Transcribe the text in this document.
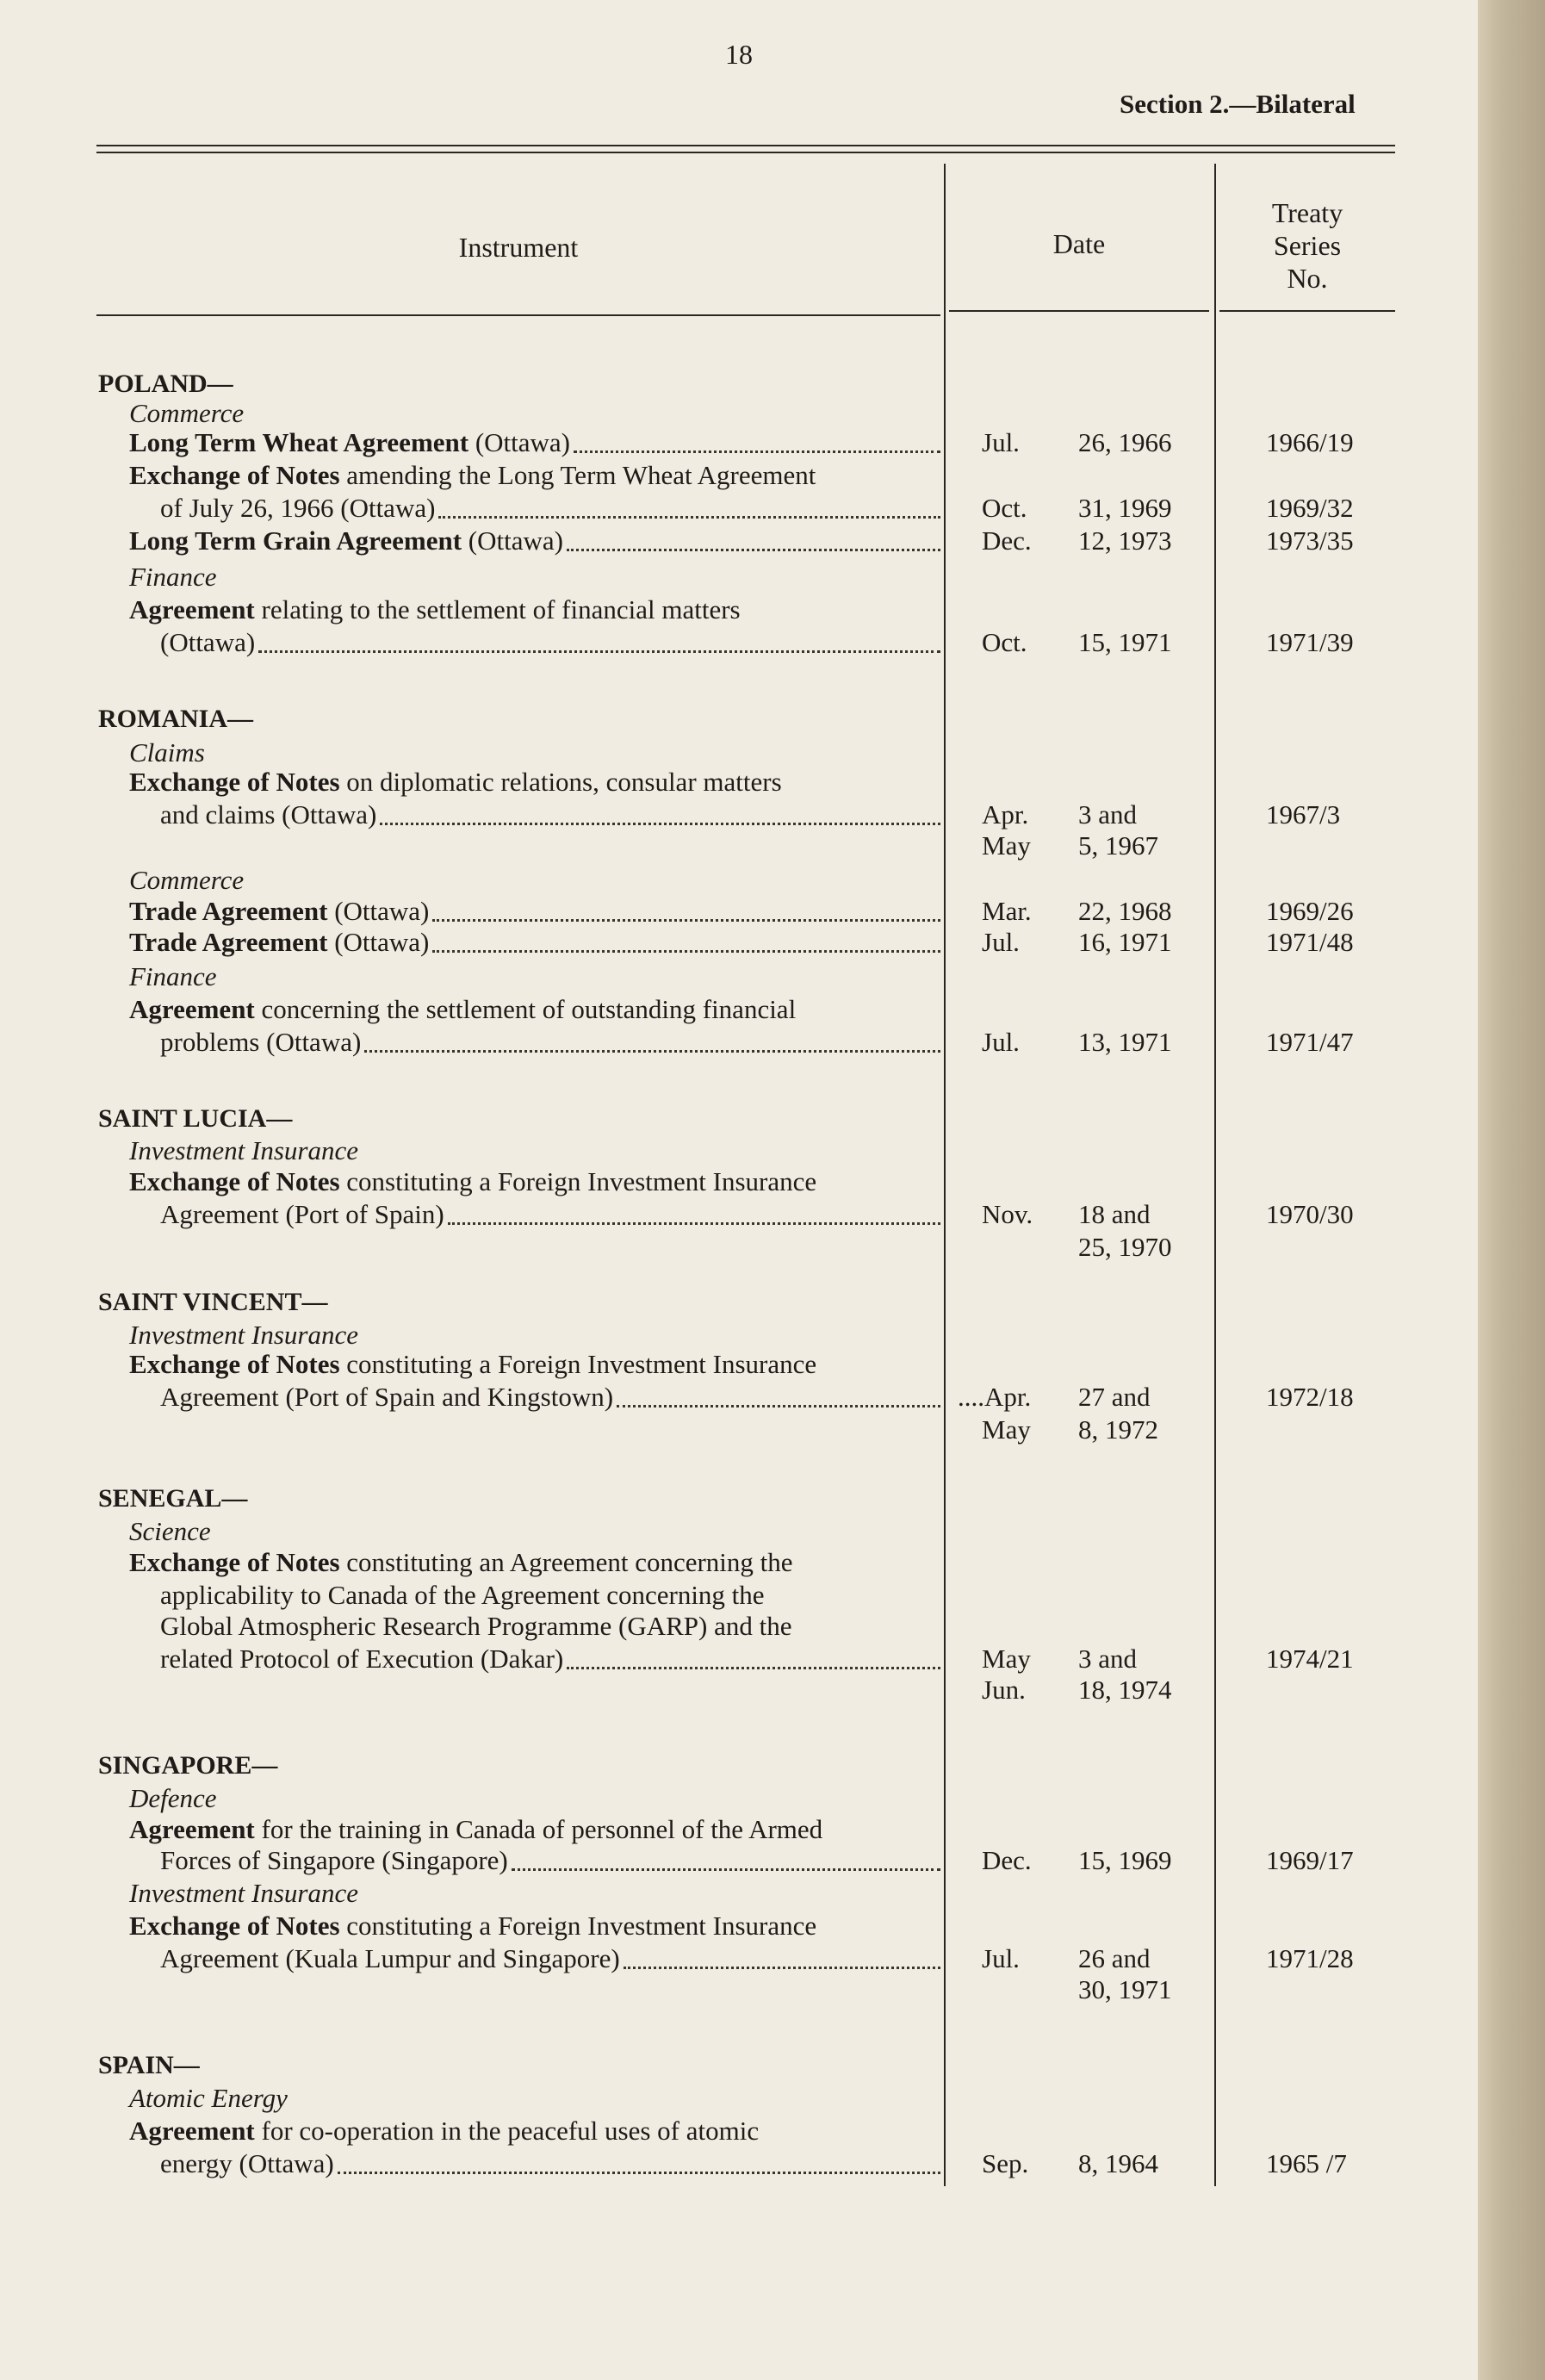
18
Section 2.—Bilateral
Instrument	Date
Treaty
Series
No.
POLAND—
Commerce
Long Term Wheat Agreement (Ottawa)	Jul. 26, 1966	1966/19
Exchange of Notes amending the Long Term Wheat Agreement
of July 26, 1966 (Ottawa)	Oct. 31, 1969	1969/32
Long Term Grain Agreement (Ottawa)	Dec. 12, 1973	1973/35
Finance
Agreement relating to the settlement of financial matters
(Ottawa)	Oct. 15, 1971	1971/39
ROMANIA—
Claims
Exchange of Notes on diplomatic relations, consular matters
and claims (Ottawa)	Apr. 3 and	1967/3
May 5, 1967
Commerce
Trade Agreement (Ottawa)	Mar. 22, 1968	1969/26
Trade Agreement (Ottawa)	Jul. 16, 1971	1971/48
Finance
Agreement concerning the settlement of outstanding financial
problems (Ottawa)	Jul. 13, 1971	1971/47
SAINT LUCIA—
Investment Insurance
Exchange of Notes constituting a Foreign Investment Insurance
Agreement (Port of Spain)	Nov. 18 and	1970/30
25, 1970
SAINT VINCENT—
Investment Insurance
Exchange of Notes constituting a Foreign Investment Insurance
Agreement (Port of Spain and Kingstown)	....Apr. 27 and	1972/18
May 8, 1972
SENEGAL—
Science
Exchange of Notes constituting an Agreement concerning the
applicability to Canada of the Agreement concerning the
Global Atmospheric Research Programme (GARP) and the
related Protocol of Execution (Dakar)	May 3 and	1974/21
Jun. 18, 1974
SINGAPORE—
Defence
Agreement for the training in Canada of personnel of the Armed
Forces of Singapore (Singapore)	Dec. 15, 1969	1969/17
Investment Insurance
Exchange of Notes constituting a Foreign Investment Insurance
Agreement (Kuala Lumpur and Singapore)	Jul. 26 and	1971/28
30, 1971
SPAIN—
Atomic Energy
Agreement for co-operation in the peaceful uses of atomic
energy (Ottawa)	Sep. 8, 1964	1965 /7
